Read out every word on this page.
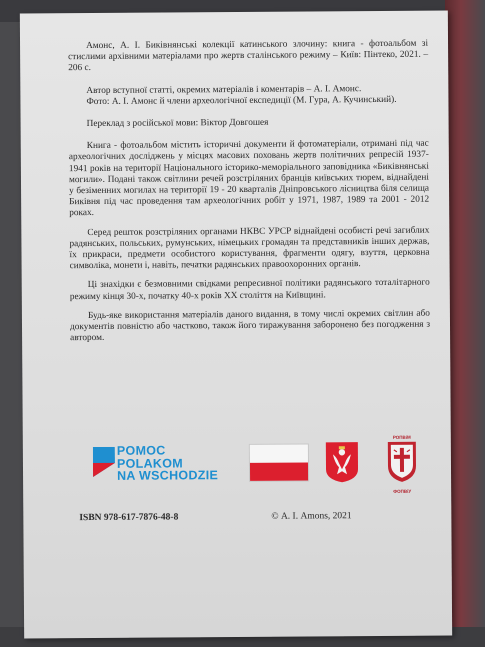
Амонс, А. І. Биківнянські колекції катинського злочину: книга - фотоальбом зі стислими архівними матеріалами про жертв сталінського режиму – Київ: Пінтеко, 2021. – 206 с.

Автор вступної статті, окремих матеріалів і коментарів – А. І. Амонс.

Фото: А. І. Амонс й члени археологічної експедиції (М. Гура, А. Кучинський).

Переклад з російської мови: Віктор Довгошея

Книга - фотоальбом містить історичні документи й фотоматеріали, отримані під час археологічних досліджень у місцях масових поховань жертв політичних репресій 1937-1941 років на території Національного історико-меморіального заповідника «Биківнянські могили». Подані також світлини речей розстріляних бранців київських тюрем, віднайдені у безіменних могилах на території 19 - 20 кварталів Дніпровського лісництва біля селища Биківня під час проведення там археологічних робіт у 1971, 1987, 1989 та 2001 - 2012 роках.

Серед решток розстріляних органами НКВС УРСР віднайдені особисті речі загиблих радянських, польських, румунських, німецьких громадян та представників інших держав, їх прикраси, предмети особистого користування, фрагменти одягу, взуття, церковна символіка, монети і, навіть, печатки радянських правоохоронних органів.

Ці знахідки є безмовними свідками репресивної політики радянського тоталітарного режиму кінця 30-х, початку 40-х років ХХ століття на Київщині.

Будь-яке використання матеріалів даного видання, в тому числі окремих світлин або документів повністю або частково, також його тиражування заборонено без погодження з автором.

POMOC
POLAKOM
NA WSCHODZIE
РОПВіМ
ФОПВіУ
ISBN 978-617-7876-48-8	© А. І. Amons, 2021
